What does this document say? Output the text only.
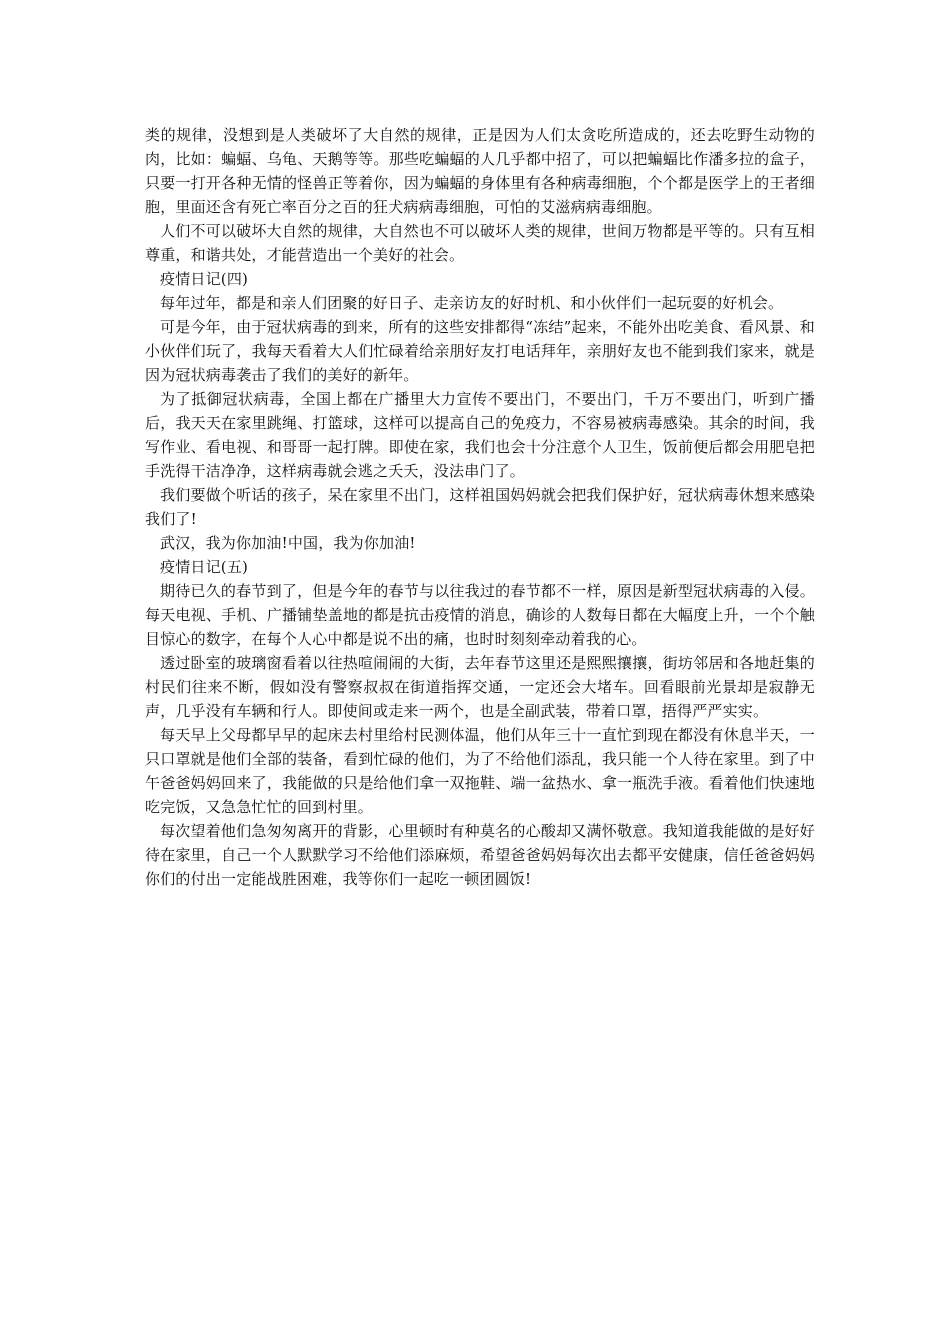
类的规律，没想到是人类破坏了大自然的规律，正是因为人们太贪吃所造成的，还去吃野生动物的肉，比如：蝙蝠、乌龟、天鹅等等。那些吃蝙蝠的人几乎都中招了，可以把蝙蝠比作潘多拉的盒子，只要一打开各种无情的怪兽正等着你，因为蝙蝠的身体里有各种病毒细胞，个个都是医学上的王者细胞，里面还含有死亡率百分之百的狂犬病病毒细胞，可怕的艾滋病病毒细胞。

人们不可以破坏大自然的规律，大自然也不可以破坏人类的规律，世间万物都是平等的。只有互相尊重，和谐共处，才能营造出一个美好的社会。

疫情日记(四)

每年过年，都是和亲人们团聚的好日子、走亲访友的好时机、和小伙伴们一起玩耍的好机会。

可是今年，由于冠状病毒的到来，所有的这些安排都得“冻结”起来，不能外出吃美食、看风景、和小伙伴们玩了，我每天看着大人们忙碌着给亲朋好友打电话拜年，亲朋好友也不能到我们家来，就是因为冠状病毒袭击了我们的美好的新年。

为了抵御冠状病毒，全国上都在广播里大力宣传不要出门，不要出门，千万不要出门，听到广播后，我天天在家里跳绳、打篮球，这样可以提高自己的免疫力，不容易被病毒感染。其余的时间，我写作业、看电视、和哥哥一起打牌。即使在家，我们也会十分注意个人卫生，饭前便后都会用肥皂把手洗得干洁净净，这样病毒就会逃之夭夭，没法串门了。

我们要做个听话的孩子，呆在家里不出门，这样祖国妈妈就会把我们保护好，冠状病毒休想来感染我们了!

武汉，我为你加油!中国，我为你加油!

疫情日记(五)

期待已久的春节到了，但是今年的春节与以往我过的春节都不一样，原因是新型冠状病毒的入侵。每天电视、手机、广播铺垫盖地的都是抗击疫情的消息，确诊的人数每日都在大幅度上升，一个个触目惊心的数字，在每个人心中都是说不出的痛，也时时刻刻牵动着我的心。

透过卧室的玻璃窗看着以往热喧闹闹的大街，去年春节这里还是熙熙攘攘，街坊邻居和各地赶集的村民们往来不断，假如没有警察叔叔在街道指挥交通，一定还会大堵车。回看眼前光景却是寂静无声，几乎没有车辆和行人。即使间或走来一两个，也是全副武装，带着口罩，捂得严严实实。

每天早上父母都早早的起床去村里给村民测体温，他们从年三十一直忙到现在都没有休息半天，一只口罩就是他们全部的装备，看到忙碌的他们，为了不给他们添乱，我只能一个人待在家里。到了中午爸爸妈妈回来了，我能做的只是给他们拿一双拖鞋、端一盆热水、拿一瓶洗手液。看着他们快速地吃完饭，又急急忙忙的回到村里。

每次望着他们急匆匆离开的背影，心里顿时有种莫名的心酸却又满怀敬意。我知道我能做的是好好待在家里，自己一个人默默学习不给他们添麻烦，希望爸爸妈妈每次出去都平安健康，信任爸爸妈妈你们的付出一定能战胜困难，我等你们一起吃一顿团圆饭!
